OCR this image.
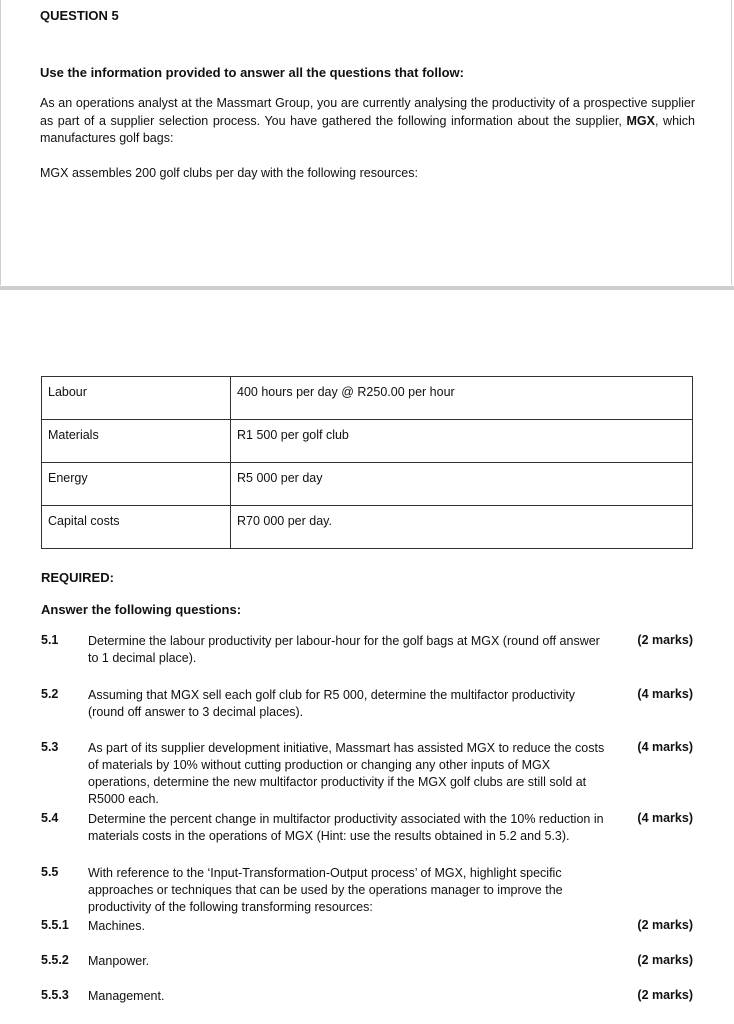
QUESTION 5
Use the information provided to answer all the questions that follow:
As an operations analyst at the Massmart Group, you are currently analysing the productivity of a prospective supplier as part of a supplier selection process. You have gathered the following information about the supplier, MGX, which manufactures golf bags:
MGX assembles 200 golf clubs per day with the following resources:
Labour	400 hours per day @ R250.00 per hour
Materials	R1 500 per golf club
Energy	R5 000 per day
Capital costs	R70 000 per day.
REQUIRED:
Answer the following questions:
5.1 Determine the labour productivity per labour-hour for the golf bags at MGX (round off answer to 1 decimal place).
(2 marks)
5.2 Assuming that MGX sell each golf club for R5 000, determine the multifactor productivity (round off answer to 3 decimal places).
(4 marks)
5.3 As part of its supplier development initiative, Massmart has assisted MGX to reduce the costs of materials by 10% without cutting production or changing any other inputs of MGX operations, determine the new multifactor productivity if the MGX golf clubs are still sold at R5000 each.
(4 marks)
5.4 Determine the percent change in multifactor productivity associated with the 10% reduction in materials costs in the operations of MGX (Hint: use the results obtained in 5.2 and 5.3).
(4 marks)
5.5 With reference to the ‘Input-Transformation-Output process’ of MGX, highlight specific approaches or techniques that can be used by the operations manager to improve the productivity of the following transforming resources:
5.5.1 Machines.	(2 marks)
5.5.2 Manpower.	(2 marks)
5.5.3 Management.	(2 marks)
